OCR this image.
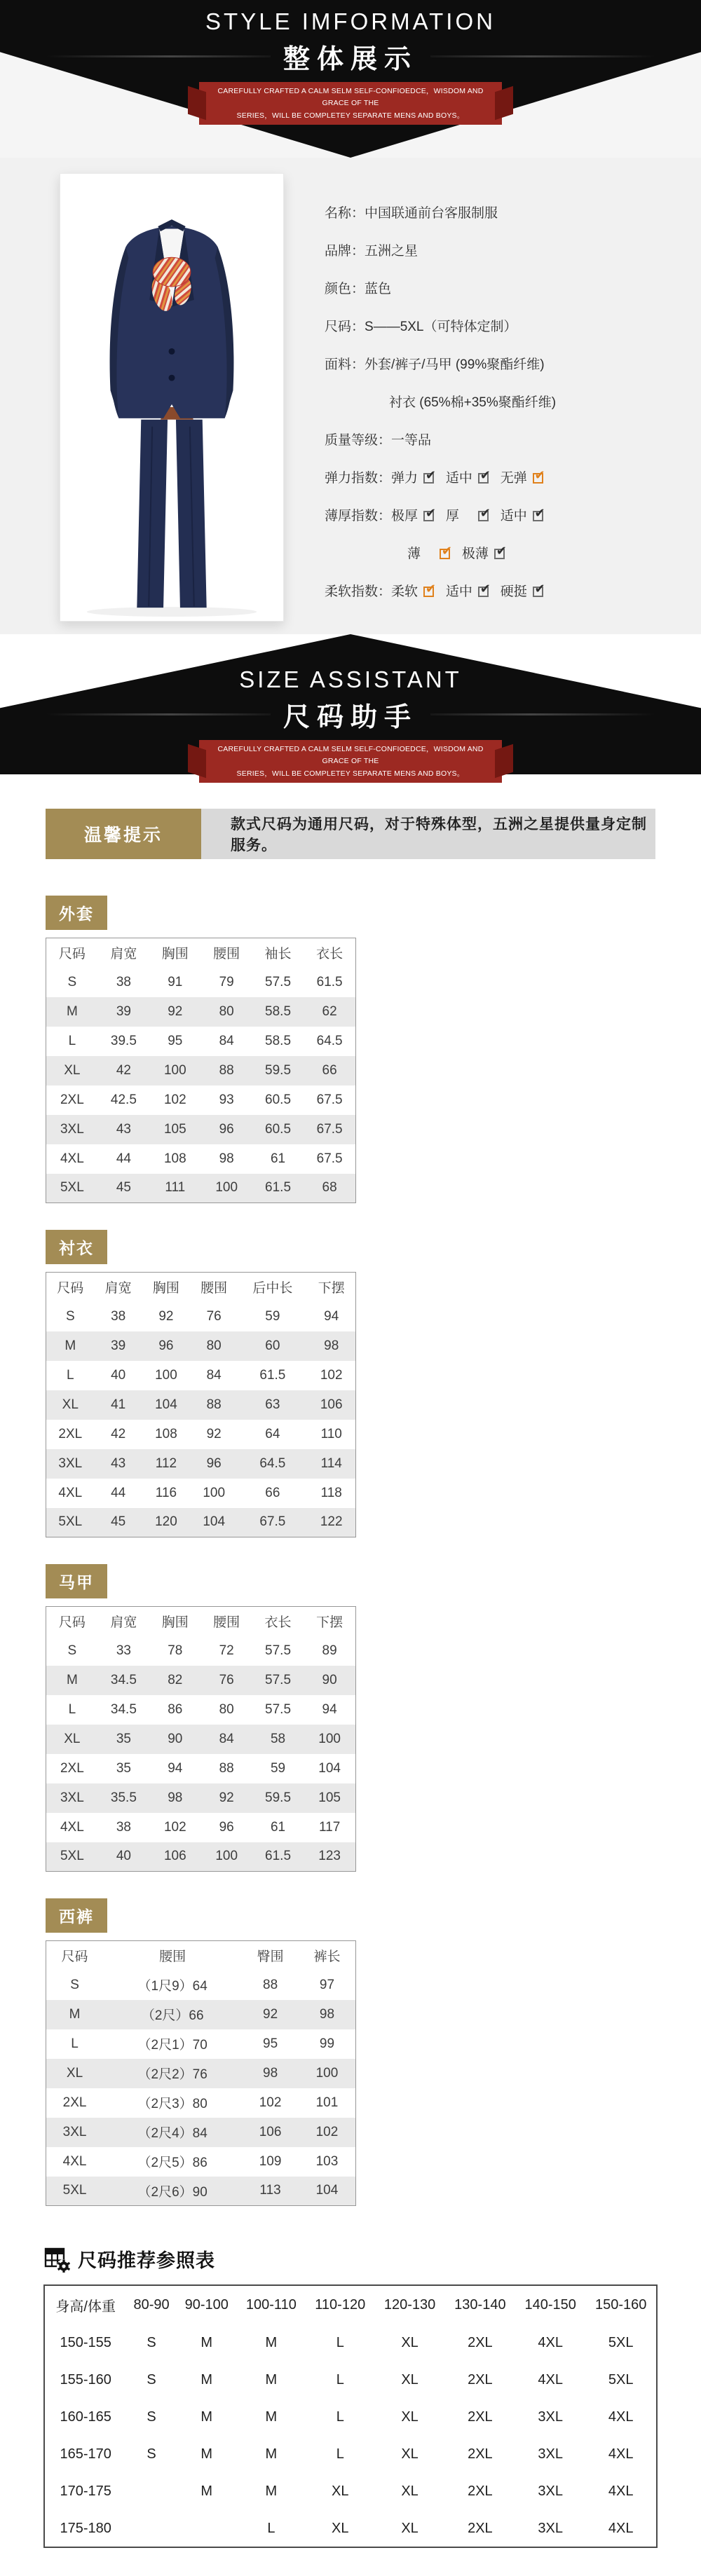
STYLE IMFORMATION
整体展示
CAREFULLY CRAFTED A CALM SELM SELF-CONFIOEDCE，WISDOM AND GRACE OF THE
SERIES，WILL BE COMPLETEY SEPARATE MENS AND BOYS。
名称：中国联通前台客服制服
品牌：五洲之星
颜色：蓝色
尺码：S——5XL（可特体定制）
面料：外套/裤子/马甲 (99%聚酯纤维)
衬衣 (65%棉+35%聚酯纤维)
质量等级：一等品
弹力指数：弹力 ✔ 适中 ✔ 无弹 ✔
薄厚指数：极厚 ✔ 厚 ✔ 适中 ✔
薄 ✔ 极薄 ✔
柔软指数：柔软 ✔ 适中 ✔ 硬挺 ✔
SIZE ASSISTANT
尺码助手
CAREFULLY CRAFTED A CALM SELM SELF-CONFIOEDCE，WISDOM AND GRACE OF THE
SERIES，WILL BE COMPLETEY SEPARATE MENS AND BOYS。
温馨提示
款式尺码为通用尺码，对于特殊体型，五洲之星提供量身定制服务。
外套
尺码	肩宽	胸围	腰围	袖长	衣长
S	38	91	79	57.5	61.5
M	39	92	80	58.5	62
L	39.5	95	84	58.5	64.5
XL	42	100	88	59.5	66
2XL	42.5	102	93	60.5	67.5
3XL	43	105	96	60.5	67.5
4XL	44	108	98	61	67.5
5XL	45	111	100	61.5	68
衬衣
尺码	肩宽	胸围	腰围	后中长	下摆
S	38	92	76	59	94
M	39	96	80	60	98
L	40	100	84	61.5	102
XL	41	104	88	63	106
2XL	42	108	92	64	110
3XL	43	112	96	64.5	114
4XL	44	116	100	66	118
5XL	45	120	104	67.5	122
马甲
尺码	肩宽	胸围	腰围	衣长	下摆
S	33	78	72	57.5	89
M	34.5	82	76	57.5	90
L	34.5	86	80	57.5	94
XL	35	90	84	58	100
2XL	35	94	88	59	104
3XL	35.5	98	92	59.5	105
4XL	38	102	96	61	117
5XL	40	106	100	61.5	123
西裤
尺码	腰围	臀围	裤长
S	（1尺9）64	88	97
M	（2尺）66	92	98
L	（2尺1）70	95	99
XL	（2尺2）76	98	100
2XL	（2尺3）80	102	101
3XL	（2尺4）84	106	102
4XL	（2尺5）86	109	103
5XL	（2尺6）90	113	104
尺码推荐参照表
身高/体重	80-90	90-100	100-110	110-120	120-130	130-140	140-150	150-160
150-155	S	M	M	L	XL	2XL	4XL	5XL
155-160	S	M	M	L	XL	2XL	4XL	5XL
160-165	S	M	M	L	XL	2XL	3XL	4XL
165-170	S	M	M	L	XL	2XL	3XL	4XL
170-175		M	M	XL	XL	2XL	3XL	4XL
175-180			L	XL	XL	2XL	3XL	4XL
